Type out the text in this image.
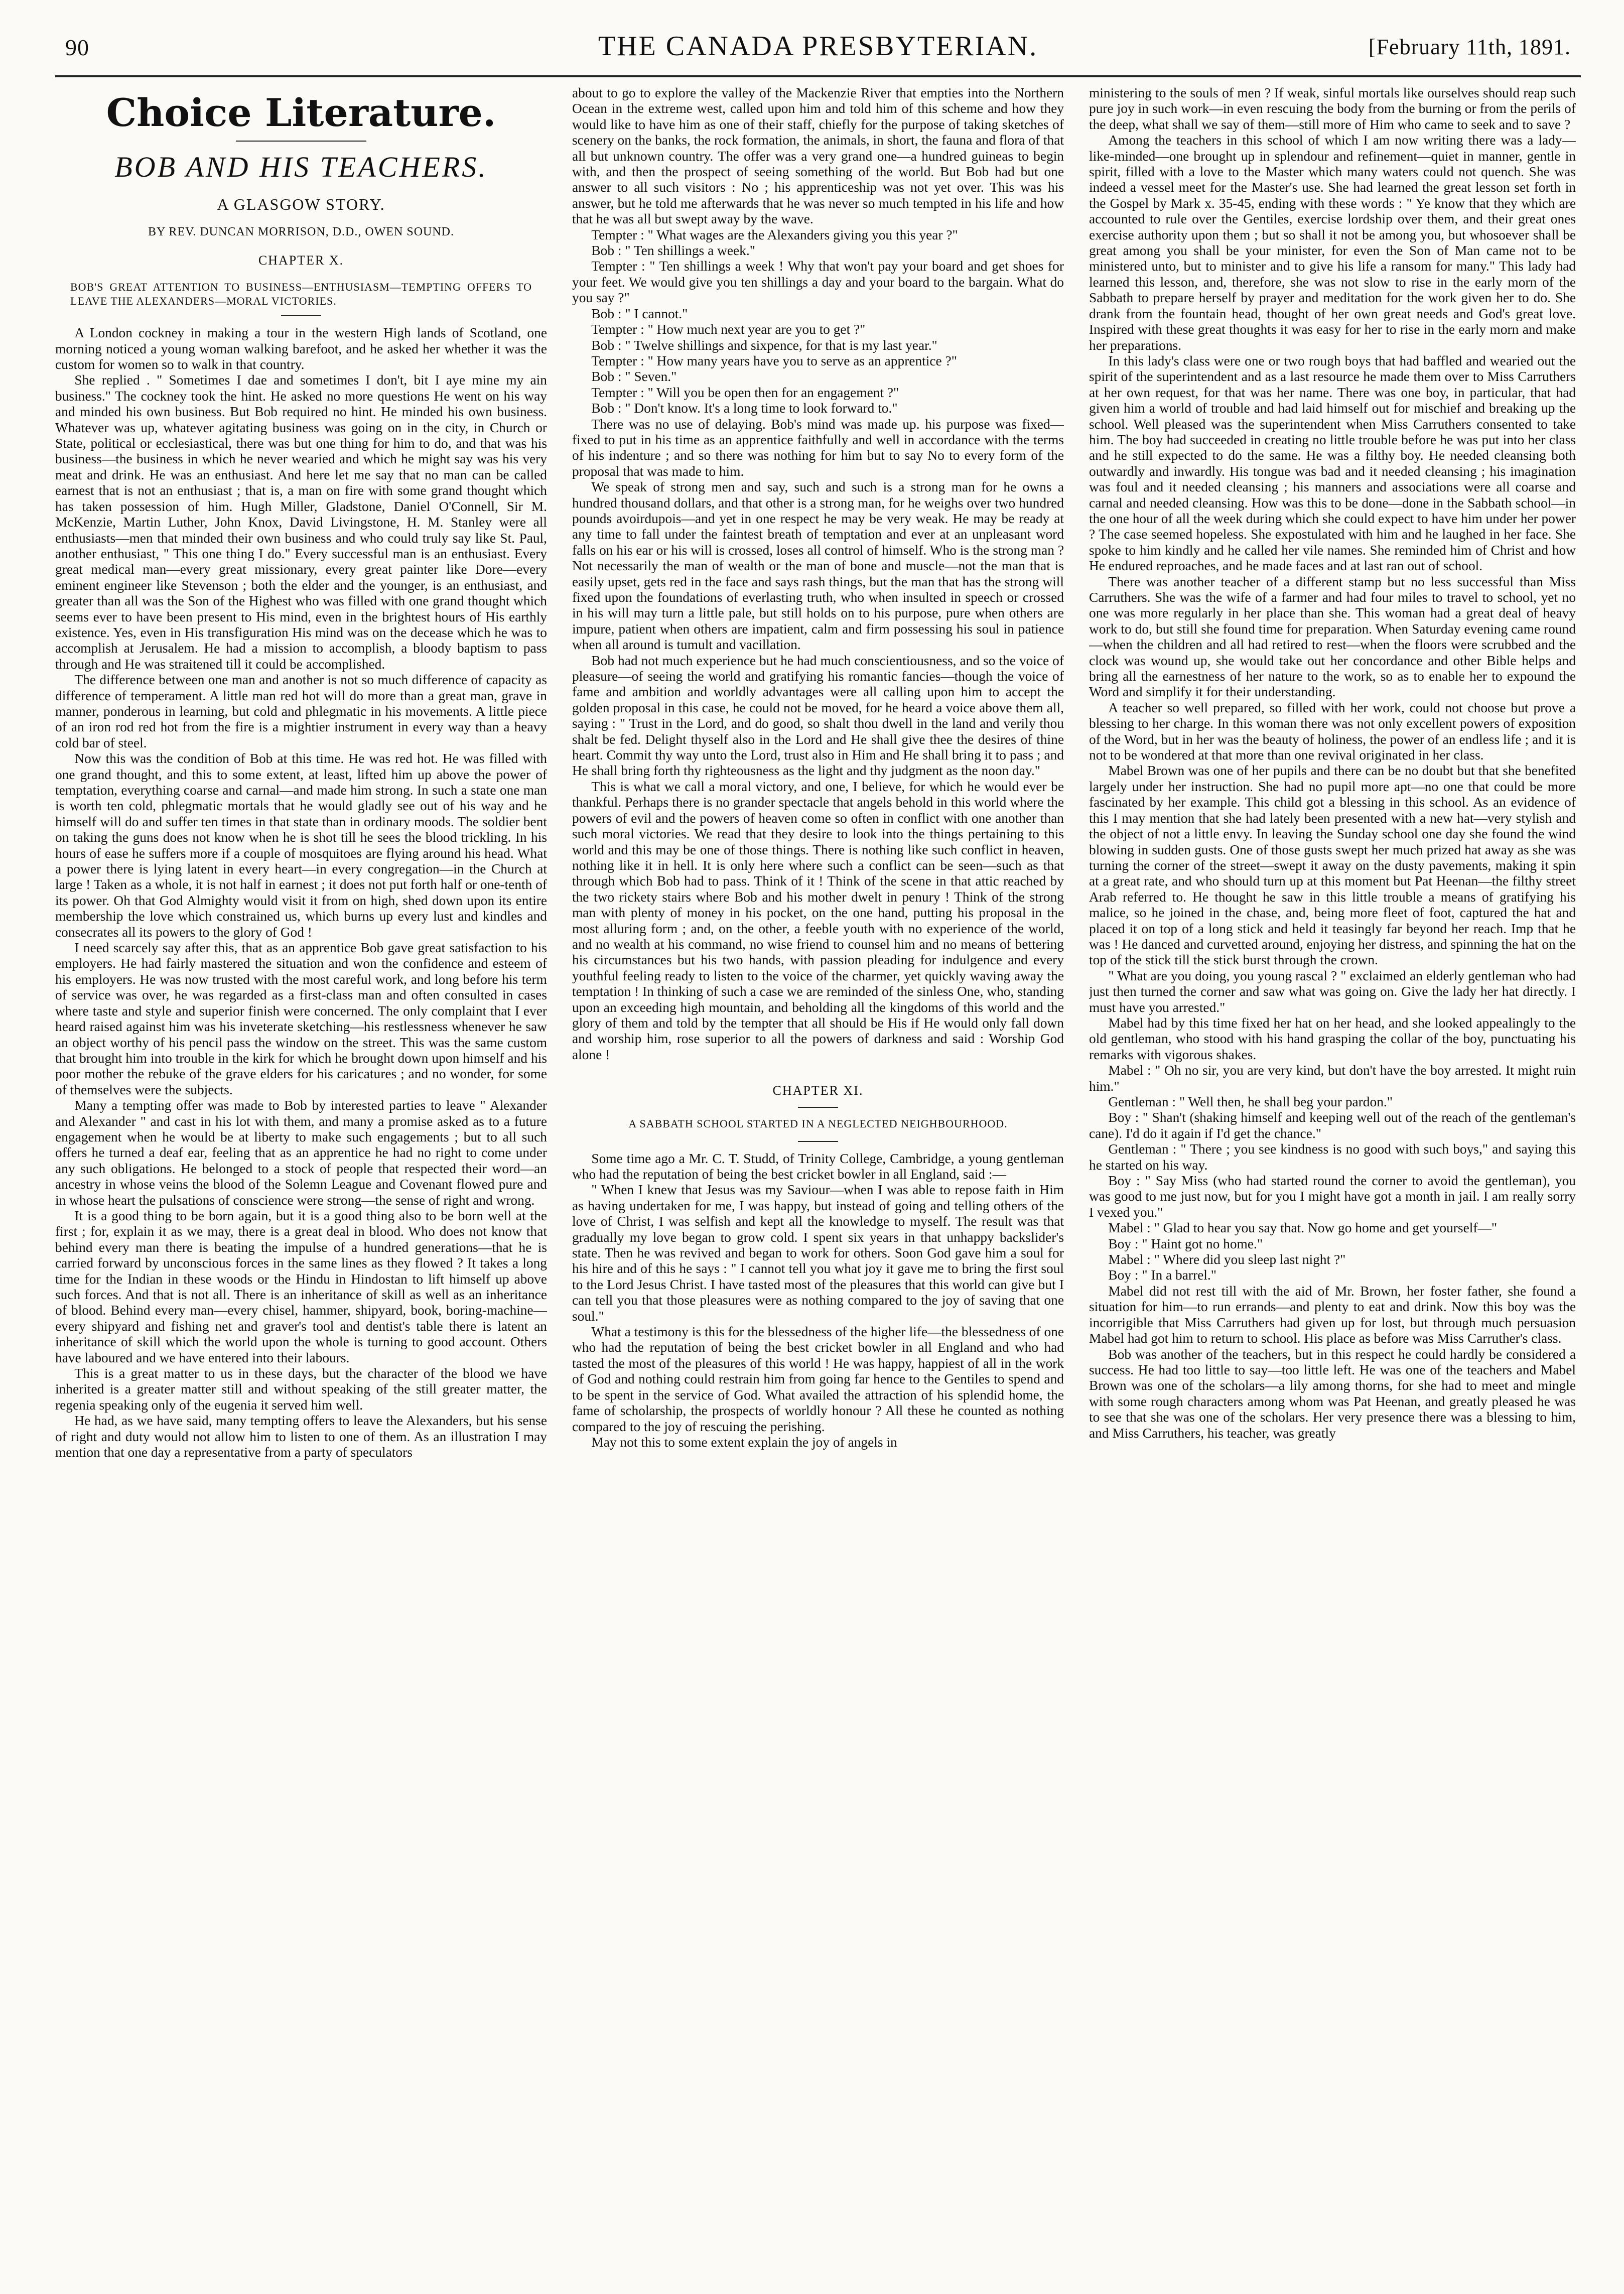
90	THE CANADA PRESBYTERIAN.	[February 11th, 1891.
Choice Literature.
BOB AND HIS TEACHERS.
A GLASGOW STORY.
BY REV. DUNCAN MORRISON, D.D., OWEN SOUND.
CHAPTER X.
BOB'S GREAT ATTENTION TO BUSINESS—ENTHUSIASM—TEMPTING OFFERS TO LEAVE THE ALEXANDERS—MORAL VICTORIES.

A London cockney in making a tour in the western High lands of Scotland, one morning noticed a young woman walking barefoot, and he asked her whether it was the custom for women so to walk in that country.

She replied . " Sometimes I dae and sometimes I don't, bit I aye mine my ain business." The cockney took the hint. He asked no more questions He went on his way and minded his own business. But Bob required no hint. He minded his own business. Whatever was up, whatever agitating business was going on in the city, in Church or State, political or ecclesiastical, there was but one thing for him to do, and that was his business—the business in which he never wearied and which he might say was his very meat and drink. He was an enthusiast. And here let me say that no man can be called earnest that is not an enthusiast ; that is, a man on fire with some grand thought which has taken possession of him. Hugh Miller, Gladstone, Daniel O'Connell, Sir M. McKenzie, Martin Luther, John Knox, David Livingstone, H. M. Stanley were all enthusiasts—men that minded their own business and who could truly say like St. Paul, another enthusiast, " This one thing I do." Every successful man is an enthusiast. Every great medical man—every great missionary, every great painter like Dore—every eminent engineer like Stevenson ; both the elder and the younger, is an enthusiast, and greater than all was the Son of the Highest who was filled with one grand thought which seems ever to have been present to His mind, even in the brightest hours of His earthly existence. Yes, even in His transfiguration His mind was on the decease which he was to accomplish at Jerusalem. He had a mission to accomplish, a bloody baptism to pass through and He was straitened till it could be accomplished.

The difference between one man and another is not so much difference of capacity as difference of temperament. A little man red hot will do more than a great man, grave in manner, ponderous in learning, but cold and phlegmatic in his movements. A little piece of an iron rod red hot from the fire is a mightier instrument in every way than a heavy cold bar of steel.

Now this was the condition of Bob at this time. He was red hot. He was filled with one grand thought, and this to some extent, at least, lifted him up above the power of temptation, everything coarse and carnal—and made him strong. In such a state one man is worth ten cold, phlegmatic mortals that he would gladly see out of his way and he himself will do and suffer ten times in that state than in ordinary moods. The soldier bent on taking the guns does not know when he is shot till he sees the blood trickling. In his hours of ease he suffers more if a couple of mosquitoes are flying around his head. What a power there is lying latent in every heart—in every congregation—in the Church at large ! Taken as a whole, it is not half in earnest ; it does not put forth half or one-tenth of its power. Oh that God Almighty would visit it from on high, shed down upon its entire membership the love which constrained us, which burns up every lust and kindles and consecrates all its powers to the glory of God !

I need scarcely say after this, that as an apprentice Bob gave great satisfaction to his employers. He had fairly mastered the situation and won the confidence and esteem of his employers. He was now trusted with the most careful work, and long before his term of service was over, he was regarded as a first-class man and often consulted in cases where taste and style and superior finish were concerned. The only complaint that I ever heard raised against him was his inveterate sketching—his restlessness whenever he saw an object worthy of his pencil pass the window on the street. This was the same custom that brought him into trouble in the kirk for which he brought down upon himself and his poor mother the rebuke of the grave elders for his caricatures ; and no wonder, for some of themselves were the subjects.

Many a tempting offer was made to Bob by interested parties to leave " Alexander and Alexander " and cast in his lot with them, and many a promise asked as to a future engagement when he would be at liberty to make such engagements ; but to all such offers he turned a deaf ear, feeling that as an apprentice he had no right to come under any such obligations. He belonged to a stock of people that respected their word—an ancestry in whose veins the blood of the Solemn League and Covenant flowed pure and in whose heart the pulsations of conscience were strong—the sense of right and wrong.

It is a good thing to be born again, but it is a good thing also to be born well at the first ; for, explain it as we may, there is a great deal in blood. Who does not know that behind every man there is beating the impulse of a hundred generations—that he is carried forward by unconscious forces in the same lines as they flowed ? It takes a long time for the Indian in these woods or the Hindu in Hindostan to lift himself up above such forces. And that is not all. There is an inheritance of skill as well as an inheritance of blood. Behind every man—every chisel, hammer, shipyard, book, boring-machine—every shipyard and fishing net and graver's tool and dentist's table there is latent an inheritance of skill which the world upon the whole is turning to good account. Others have laboured and we have entered into their labours.

This is a great matter to us in these days, but the character of the blood we have inherited is a greater matter still and without speaking of the still greater matter, the regenia speaking only of the eugenia it served him well.

He had, as we have said, many tempting offers to leave the Alexanders, but his sense of right and duty would not allow him to listen to one of them. As an illustration I may mention that one day a representative from a party of speculators

about to go to explore the valley of the Mackenzie River that empties into the Northern Ocean in the extreme west, called upon him and told him of this scheme and how they would like to have him as one of their staff, chiefly for the purpose of taking sketches of scenery on the banks, the rock formation, the animals, in short, the fauna and flora of that all but unknown country. The offer was a very grand one—a hundred guineas to begin with, and then the prospect of seeing something of the world. But Bob had but one answer to all such visitors : No ; his apprenticeship was not yet over. This was his answer, but he told me afterwards that he was never so much tempted in his life and how that he was all but swept away by the wave.

Tempter : " What wages are the Alexanders giving you this year ?"

Bob : " Ten shillings a week."

Tempter : " Ten shillings a week ! Why that won't pay your board and get shoes for your feet. We would give you ten shillings a day and your board to the bargain. What do you say ?"

Bob : " I cannot."

Tempter : " How much next year are you to get ?"

Bob : " Twelve shillings and sixpence, for that is my last year."

Tempter : " How many years have you to serve as an apprentice ?"

Bob : " Seven."

Tempter : " Will you be open then for an engagement ?"

Bob : " Don't know. It's a long time to look forward to."

There was no use of delaying. Bob's mind was made up. his purpose was fixed—fixed to put in his time as an apprentice faithfully and well in accordance with the terms of his indenture ; and so there was nothing for him but to say No to every form of the proposal that was made to him.

We speak of strong men and say, such and such is a strong man for he owns a hundred thousand dollars, and that other is a strong man, for he weighs over two hundred pounds avoirdupois—and yet in one respect he may be very weak. He may be ready at any time to fall under the faintest breath of temptation and ever at an unpleasant word falls on his ear or his will is crossed, loses all control of himself. Who is the strong man ? Not necessarily the man of wealth or the man of bone and muscle—not the man that is easily upset, gets red in the face and says rash things, but the man that has the strong will fixed upon the foundations of everlasting truth, who when insulted in speech or crossed in his will may turn a little pale, but still holds on to his purpose, pure when others are impure, patient when others are impatient, calm and firm possessing his soul in patience when all around is tumult and vacillation.

Bob had not much experience but he had much conscientiousness, and so the voice of pleasure—of seeing the world and gratifying his romantic fancies—though the voice of fame and ambition and worldly advantages were all calling upon him to accept the golden proposal in this case, he could not be moved, for he heard a voice above them all, saying : " Trust in the Lord, and do good, so shalt thou dwell in the land and verily thou shalt be fed. Delight thyself also in the Lord and He shall give thee the desires of thine heart. Commit thy way unto the Lord, trust also in Him and He shall bring it to pass ; and He shall bring forth thy righteousness as the light and thy judgment as the noon day."

This is what we call a moral victory, and one, I believe, for which he would ever be thankful. Perhaps there is no grander spectacle that angels behold in this world where the powers of evil and the powers of heaven come so often in conflict with one another than such moral victories. We read that they desire to look into the things pertaining to this world and this may be one of those things. There is nothing like such conflict in heaven, nothing like it in hell. It is only here where such a conflict can be seen—such as that through which Bob had to pass. Think of it ! Think of the scene in that attic reached by the two rickety stairs where Bob and his mother dwelt in penury ! Think of the strong man with plenty of money in his pocket, on the one hand, putting his proposal in the most alluring form ; and, on the other, a feeble youth with no experience of the world, and no wealth at his command, no wise friend to counsel him and no means of bettering his circumstances but his two hands, with passion pleading for indulgence and every youthful feeling ready to listen to the voice of the charmer, yet quickly waving away the temptation ! In thinking of such a case we are reminded of the sinless One, who, standing upon an exceeding high mountain, and beholding all the kingdoms of this world and the glory of them and told by the tempter that all should be His if He would only fall down and worship him, rose superior to all the powers of darkness and said : Worship God alone !

CHAPTER XI.
A SABBATH SCHOOL STARTED IN A NEGLECTED NEIGHBOURHOOD.

Some time ago a Mr. C. T. Studd, of Trinity College, Cambridge, a young gentleman who had the reputation of being the best cricket bowler in all England, said :—

" When I knew that Jesus was my Saviour—when I was able to repose faith in Him as having undertaken for me, I was happy, but instead of going and telling others of the love of Christ, I was selfish and kept all the knowledge to myself. The result was that gradually my love began to grow cold. I spent six years in that unhappy backslider's state. Then he was revived and began to work for others. Soon God gave him a soul for his hire and of this he says : " I cannot tell you what joy it gave me to bring the first soul to the Lord Jesus Christ. I have tasted most of the pleasures that this world can give but I can tell you that those pleasures were as nothing compared to the joy of saving that one soul."

What a testimony is this for the blessedness of the higher life—the blessedness of one who had the reputation of being the best cricket bowler in all England and who had tasted the most of the pleasures of this world ! He was happy, happiest of all in the work of God and nothing could restrain him from going far hence to the Gentiles to spend and to be spent in the service of God. What availed the attraction of his splendid home, the fame of scholarship, the prospects of worldly honour ? All these he counted as nothing compared to the joy of rescuing the perishing.

May not this to some extent explain the joy of angels in

ministering to the souls of men ? If weak, sinful mortals like ourselves should reap such pure joy in such work—in even rescuing the body from the burning or from the perils of the deep, what shall we say of them—still more of Him who came to seek and to save ?

Among the teachers in this school of which I am now writing there was a lady—like-minded—one brought up in splendour and refinement—quiet in manner, gentle in spirit, filled with a love to the Master which many waters could not quench. She was indeed a vessel meet for the Master's use. She had learned the great lesson set forth in the Gospel by Mark x. 35-45, ending with these words : " Ye know that they which are accounted to rule over the Gentiles, exercise lordship over them, and their great ones exercise authority upon them ; but so shall it not be among you, but whosoever shall be great among you shall be your minister, for even the Son of Man came not to be ministered unto, but to minister and to give his life a ransom for many." This lady had learned this lesson, and, therefore, she was not slow to rise in the early morn of the Sabbath to prepare herself by prayer and meditation for the work given her to do. She drank from the fountain head, thought of her own great needs and God's great love. Inspired with these great thoughts it was easy for her to rise in the early morn and make her preparations.

In this lady's class were one or two rough boys that had baffled and wearied out the spirit of the superintendent and as a last resource he made them over to Miss Carruthers at her own request, for that was her name. There was one boy, in particular, that had given him a world of trouble and had laid himself out for mischief and breaking up the school. Well pleased was the superintendent when Miss Carruthers consented to take him. The boy had succeeded in creating no little trouble before he was put into her class and he still expected to do the same. He was a filthy boy. He needed cleansing both outwardly and inwardly. His tongue was bad and it needed cleansing ; his imagination was foul and it needed cleansing ; his manners and associations were all coarse and carnal and needed cleansing. How was this to be done—done in the Sabbath school—in the one hour of all the week during which she could expect to have him under her power ? The case seemed hopeless. She expostulated with him and he laughed in her face. She spoke to him kindly and he called her vile names. She reminded him of Christ and how He endured reproaches, and he made faces and at last ran out of school.

There was another teacher of a different stamp but no less successful than Miss Carruthers. She was the wife of a farmer and had four miles to travel to school, yet no one was more regularly in her place than she. This woman had a great deal of heavy work to do, but still she found time for preparation. When Saturday evening came round—when the children and all had retired to rest—when the floors were scrubbed and the clock was wound up, she would take out her concordance and other Bible helps and bring all the earnestness of her nature to the work, so as to enable her to expound the Word and simplify it for their understanding.

A teacher so well prepared, so filled with her work, could not choose but prove a blessing to her charge. In this woman there was not only excellent powers of exposition of the Word, but in her was the beauty of holiness, the power of an endless life ; and it is not to be wondered at that more than one revival originated in her class.

Mabel Brown was one of her pupils and there can be no doubt but that she benefited largely under her instruction. She had no pupil more apt—no one that could be more fascinated by her example. This child got a blessing in this school. As an evidence of this I may mention that she had lately been presented with a new hat—very stylish and the object of not a little envy. In leaving the Sunday school one day she found the wind blowing in sudden gusts. One of those gusts swept her much prized hat away as she was turning the corner of the street—swept it away on the dusty pavements, making it spin at a great rate, and who should turn up at this moment but Pat Heenan—the filthy street Arab referred to. He thought he saw in this little trouble a means of gratifying his malice, so he joined in the chase, and, being more fleet of foot, captured the hat and placed it on top of a long stick and held it teasingly far beyond her reach. Imp that he was ! He danced and curvetted around, enjoying her distress, and spinning the hat on the top of the stick till the stick burst through the crown.

" What are you doing, you young rascal ? " exclaimed an elderly gentleman who had just then turned the corner and saw what was going on. Give the lady her hat directly. I must have you arrested."

Mabel had by this time fixed her hat on her head, and she looked appealingly to the old gentleman, who stood with his hand grasping the collar of the boy, punctuating his remarks with vigorous shakes.

Mabel : " Oh no sir, you are very kind, but don't have the boy arrested. It might ruin him."

Gentleman : " Well then, he shall beg your pardon."

Boy : " Shan't (shaking himself and keeping well out of the reach of the gentleman's cane). I'd do it again if I'd get the chance."

Gentleman : " There ; you see kindness is no good with such boys," and saying this he started on his way.

Boy : " Say Miss (who had started round the corner to avoid the gentleman), you was good to me just now, but for you I might have got a month in jail. I am really sorry I vexed you."

Mabel : " Glad to hear you say that. Now go home and get yourself—"

Boy : " Haint got no home."

Mabel : " Where did you sleep last night ?"

Boy : " In a barrel."

Mabel did not rest till with the aid of Mr. Brown, her foster father, she found a situation for him—to run errands—and plenty to eat and drink. Now this boy was the incorrigible that Miss Carruthers had given up for lost, but through much persuasion Mabel had got him to return to school. His place as before was Miss Carruther's class.

Bob was another of the teachers, but in this respect he could hardly be considered a success. He had too little to say—too little left. He was one of the teachers and Mabel Brown was one of the scholars—a lily among thorns, for she had to meet and mingle with some rough characters among whom was Pat Heenan, and greatly pleased he was to see that she was one of the scholars. Her very presence there was a blessing to him, and Miss Carruthers, his teacher, was greatly
